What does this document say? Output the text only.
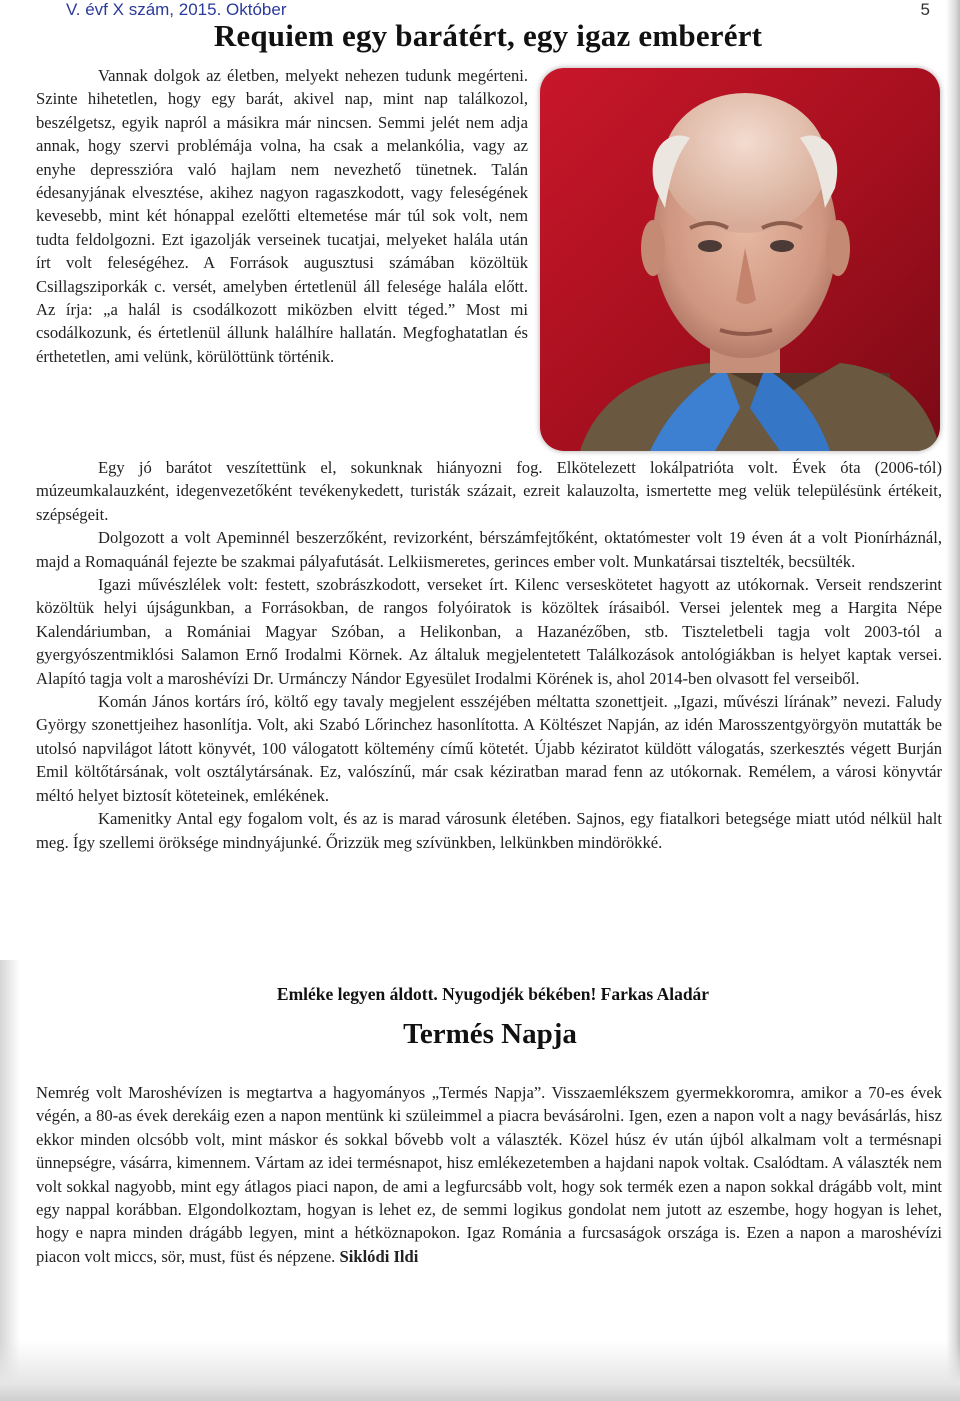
V. évf X szám, 2015. Október	5
Requiem egy barátért, egy igaz emberért

Vannak dolgok az életben, melyekt nehezen tudunk megérteni. Szinte hihetetlen, hogy egy barát, akivel nap, mint nap találkozol, beszélgetsz, egyik napról a másikra már nincsen. Semmi jelét nem adja annak, hogy szervi problémája volna, ha csak a melankólia, vagy az enyhe depresszióra való hajlam nem nevezhető tünetnek. Talán édesanyjának elvesztése, akihez nagyon ragaszkodott, vagy feleségének kevesebb, mint két hónappal ezelőtti eltemetése már túl sok volt, nem tudta feldolgozni. Ezt igazolják verseinek tucatjai, melyeket halála után írt volt feleségéhez. A Források augusztusi számában közöltük Csillagsziporkák c. versét, amelyben értetlenül áll felesége halála előtt. Az írja: „a halál is csodálkozott miközben elvitt téged.” Most mi csodálkozunk, és értetlenül állunk halálhíre hallatán. Megfoghatatlan és érthetetlen, ami velünk, körülöttünk történik.

Egy jó barátot veszítettünk el, sokunknak hiányozni fog. Elkötelezett lokálpatrióta volt. Évek óta (2006-tól) múzeumkalauzként, idegenvezetőként tevékenykedett, turisták százait, ezreit kalauzolta, ismertette meg velük településünk értékeit, szépségeit.

Dolgozott a volt Apeminnél beszerzőként, revizorként, bérszámfejtőként, oktatómester volt 19 éven át a volt Pionírháznál, majd a Romaquánál fejezte be szakmai pályafutását. Lelkiismeretes, gerinces ember volt. Munkatársai tisztelték, becsülték.

Igazi művészlélek volt: festett, szobrászkodott, verseket írt. Kilenc verseskötetet hagyott az utókornak. Verseit rendszerint közöltük helyi újságunkban, a Forrásokban, de rangos folyóiratok is közöltek írásaiból. Versei jelentek meg a Hargita Népe Kalendáriumban, a Romániai Magyar Szóban, a Helikonban, a Hazanézőben, stb. Tiszteletbeli tagja volt 2003-tól a gyergyószentmiklósi Salamon Ernő Irodalmi Körnek. Az általuk megjelentetett Találkozások antológiákban is helyet kaptak versei. Alapító tagja volt a maroshévízi Dr. Urmánczy Nándor Egyesület Irodalmi Körének is, ahol 2014-ben olvasott fel verseiből.

Komán János kortárs író, költő egy tavaly megjelent esszéjében méltatta szonettjeit. „Igazi, művészi lírának” nevezi. Faludy György szonettjeihez hasonlítja. Volt, aki Szabó Lőrinchez hasonlította. A Költészet Napján, az idén Marosszentgyörgyön mutatták be utolsó napvilágot látott könyvét, 100 válogatott költemény című kötetét. Újabb kéziratot küldött válogatás, szerkesztés végett Burján Emil költőtársának, volt osztálytársának. Ez, valószínű, már csak kéziratban marad fenn az utókornak. Remélem, a városi könyvtár méltó helyet biztosít köteteinek, emlékének.

Kamenitky Antal egy fogalom volt, és az is marad városunk életében. Sajnos, egy fiatalkori betegsége miatt utód nélkül halt meg. Így szellemi öröksége mindnyájunké. Őrizzük meg szívünkben, lelkünkben mindörökké.

Emléke legyen áldott. Nyugodjék békében! Farkas Aladár
Termés Napja

Nemrég volt Maroshévízen is megtartva a hagyományos „Termés Napja”. Visszaemlékszem gyermekkoromra, amikor a 70-es évek végén, a 80-as évek derekáig ezen a napon mentünk ki szüleimmel a piacra bevásárolni. Igen, ezen a napon volt a nagy bevásárlás, hisz ekkor minden olcsóbb volt, mint máskor és sokkal bővebb volt a választék. Közel húsz év után újból alkalmam volt a termésnapi ünnepségre, vásárra, kimennem. Vártam az idei termésnapot, hisz emlékezetemben a hajdani napok voltak. Csalódtam. A választék nem volt sokkal nagyobb, mint egy átlagos piaci napon, de ami a legfurcsább volt, hogy sok termék ezen a napon sokkal drágább volt, mint egy nappal korábban. Elgondolkoztam, hogyan is lehet ez, de semmi logikus gondolat nem jutott az eszembe, hogy hogyan is lehet, hogy e napra minden drágább legyen, mint a hétköznapokon. Igaz Románia a furcsaságok országa is. Ezen a napon a maroshévízi piacon volt miccs, sör, must, füst és népzene. Siklódi Ildi
